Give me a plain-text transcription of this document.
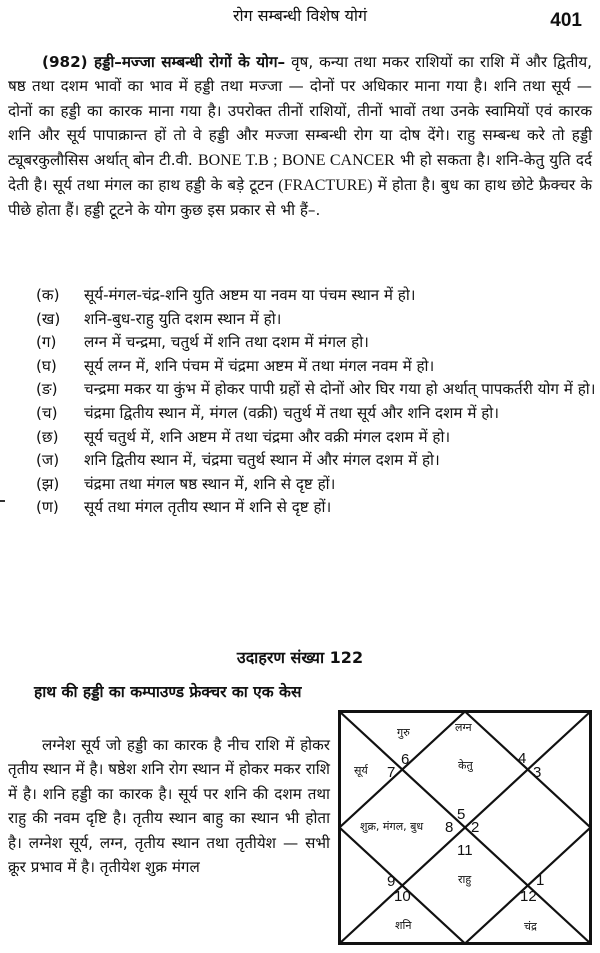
रोग सम्बन्धी विशेष योगं	401
(982) हड्डी–मज्जा सम्बन्धी रोगों के योग– वृष, कन्या तथा मकर राशियों का राशि में और द्वितीय, षष्ठ तथा दशम भावों का भाव में हड्डी तथा मज्जा — दोनों पर अधिकार माना गया है। शनि तथा सूर्य — दोनों का हड्डी का कारक माना गया है। उपरोक्त तीनों राशियों, तीनों भावों तथा उनके स्वामियों एवं कारक शनि और सूर्य पापाक्रान्त हों तो वे हड्डी और मज्जा सम्बन्धी रोग या दोष देंगे। राहु सम्बन्ध करे तो हड्डी ट्यूबरकुलौसिस अर्थात् बोन टी.वी. BONE T.B ; BONE CANCER भी हो सकता है। शनि-केतु युति दर्द देती है। सूर्य तथा मंगल का हाथ हड्डी के बड़े टूटन (FRACTURE) में होता है। बुध का हाथ छोटे फ्रैक्चर के पीछे होता हैं। हड्डी टूटने के योग कुछ इस प्रकार से भी हैं–.
(क)	सूर्य-मंगल-चंद्र-शनि युति अष्टम या नवम या पंचम स्थान में हो।
(ख)	शनि-बुध-राहु युति दशम स्थान में हो।
(ग)	लग्न में चन्द्रमा, चतुर्थ में शनि तथा दशम में मंगल हो।
(घ)	सूर्य लग्न में, शनि पंचम में चंद्रमा अष्टम में तथा मंगल नवम में हो।
(ङ)	चन्द्रमा मकर या कुंभ में होकर पापी ग्रहों से दोनों ओर घिर गया हो अर्थात् पापकर्तरी योग में हो।
(च)	चंद्रमा द्वितीय स्थान में, मंगल (वक्री) चतुर्थ में तथा सूर्य और शनि दशम में हो।
(छ)	सूर्य चतुर्थ में, शनि अष्टम में तथा चंद्रमा और वक्री मंगल दशम में हो।
(ज)	शनि द्वितीय स्थान में, चंद्रमा चतुर्थ स्थान में और मंगल दशम में हो।
(झ)	चंद्रमा तथा मंगल षष्ठ स्थान में, शनि से दृष्ट हों।
(ण)	सूर्य तथा मंगल तृतीय स्थान में शनि से दृष्ट हों।
उदाहरण संख्या 122
हाथ की हड्डी का कम्पाउण्ड फ्रेक्चर का एक केस
लग्नेश सूर्य जो हड्डी का कारक है नीच राशि में होकर तृतीय स्थान में है। षष्ठेश शनि रोग स्थान में होकर मकर राशि में है। शनि हड्डी का कारक है। सूर्य पर शनि की दशम तथा राहु की नवम दृष्टि है। तृतीय स्थान बाहु का स्थान भी होता है। लग्नेश सूर्य, लग्न, तृतीय स्थान तथा तृतीयेश — सभी क्रूर प्रभाव में है। तृतीयेश शुक्र मंगल
गुरु	लग्न
केतु
सूर्य
शुक्र, मंगल, बुध
राहु
शनि	चंद्र
5
6
7
8
9
10
11
12
1
2
3
4
